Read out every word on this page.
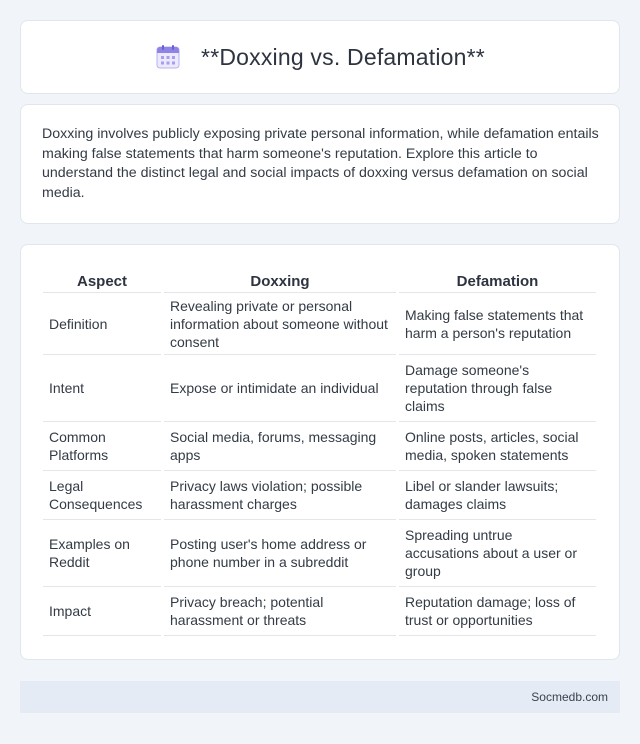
**Doxxing vs. Defamation**

Doxxing involves publicly exposing private personal information, while defamation entails making false statements that harm someone's reputation. Explore this article to understand the distinct legal and social impacts of doxxing versus defamation on social media.

Aspect	Doxxing	Defamation
Definition	Revealing private or personal information about someone without consent	Making false statements that harm a person's reputation
Intent	Expose or intimidate an individual	Damage someone's reputation through false claims
Common Platforms	Social media, forums, messaging apps	Online posts, articles, social media, spoken statements
Legal Consequences	Privacy laws violation; possible harassment charges	Libel or slander lawsuits; damages claims
Examples on Reddit	Posting user's home address or phone number in a subreddit	Spreading untrue accusations about a user or group
Impact	Privacy breach; potential harassment or threats	Reputation damage; loss of trust or opportunities
Socmedb.com
